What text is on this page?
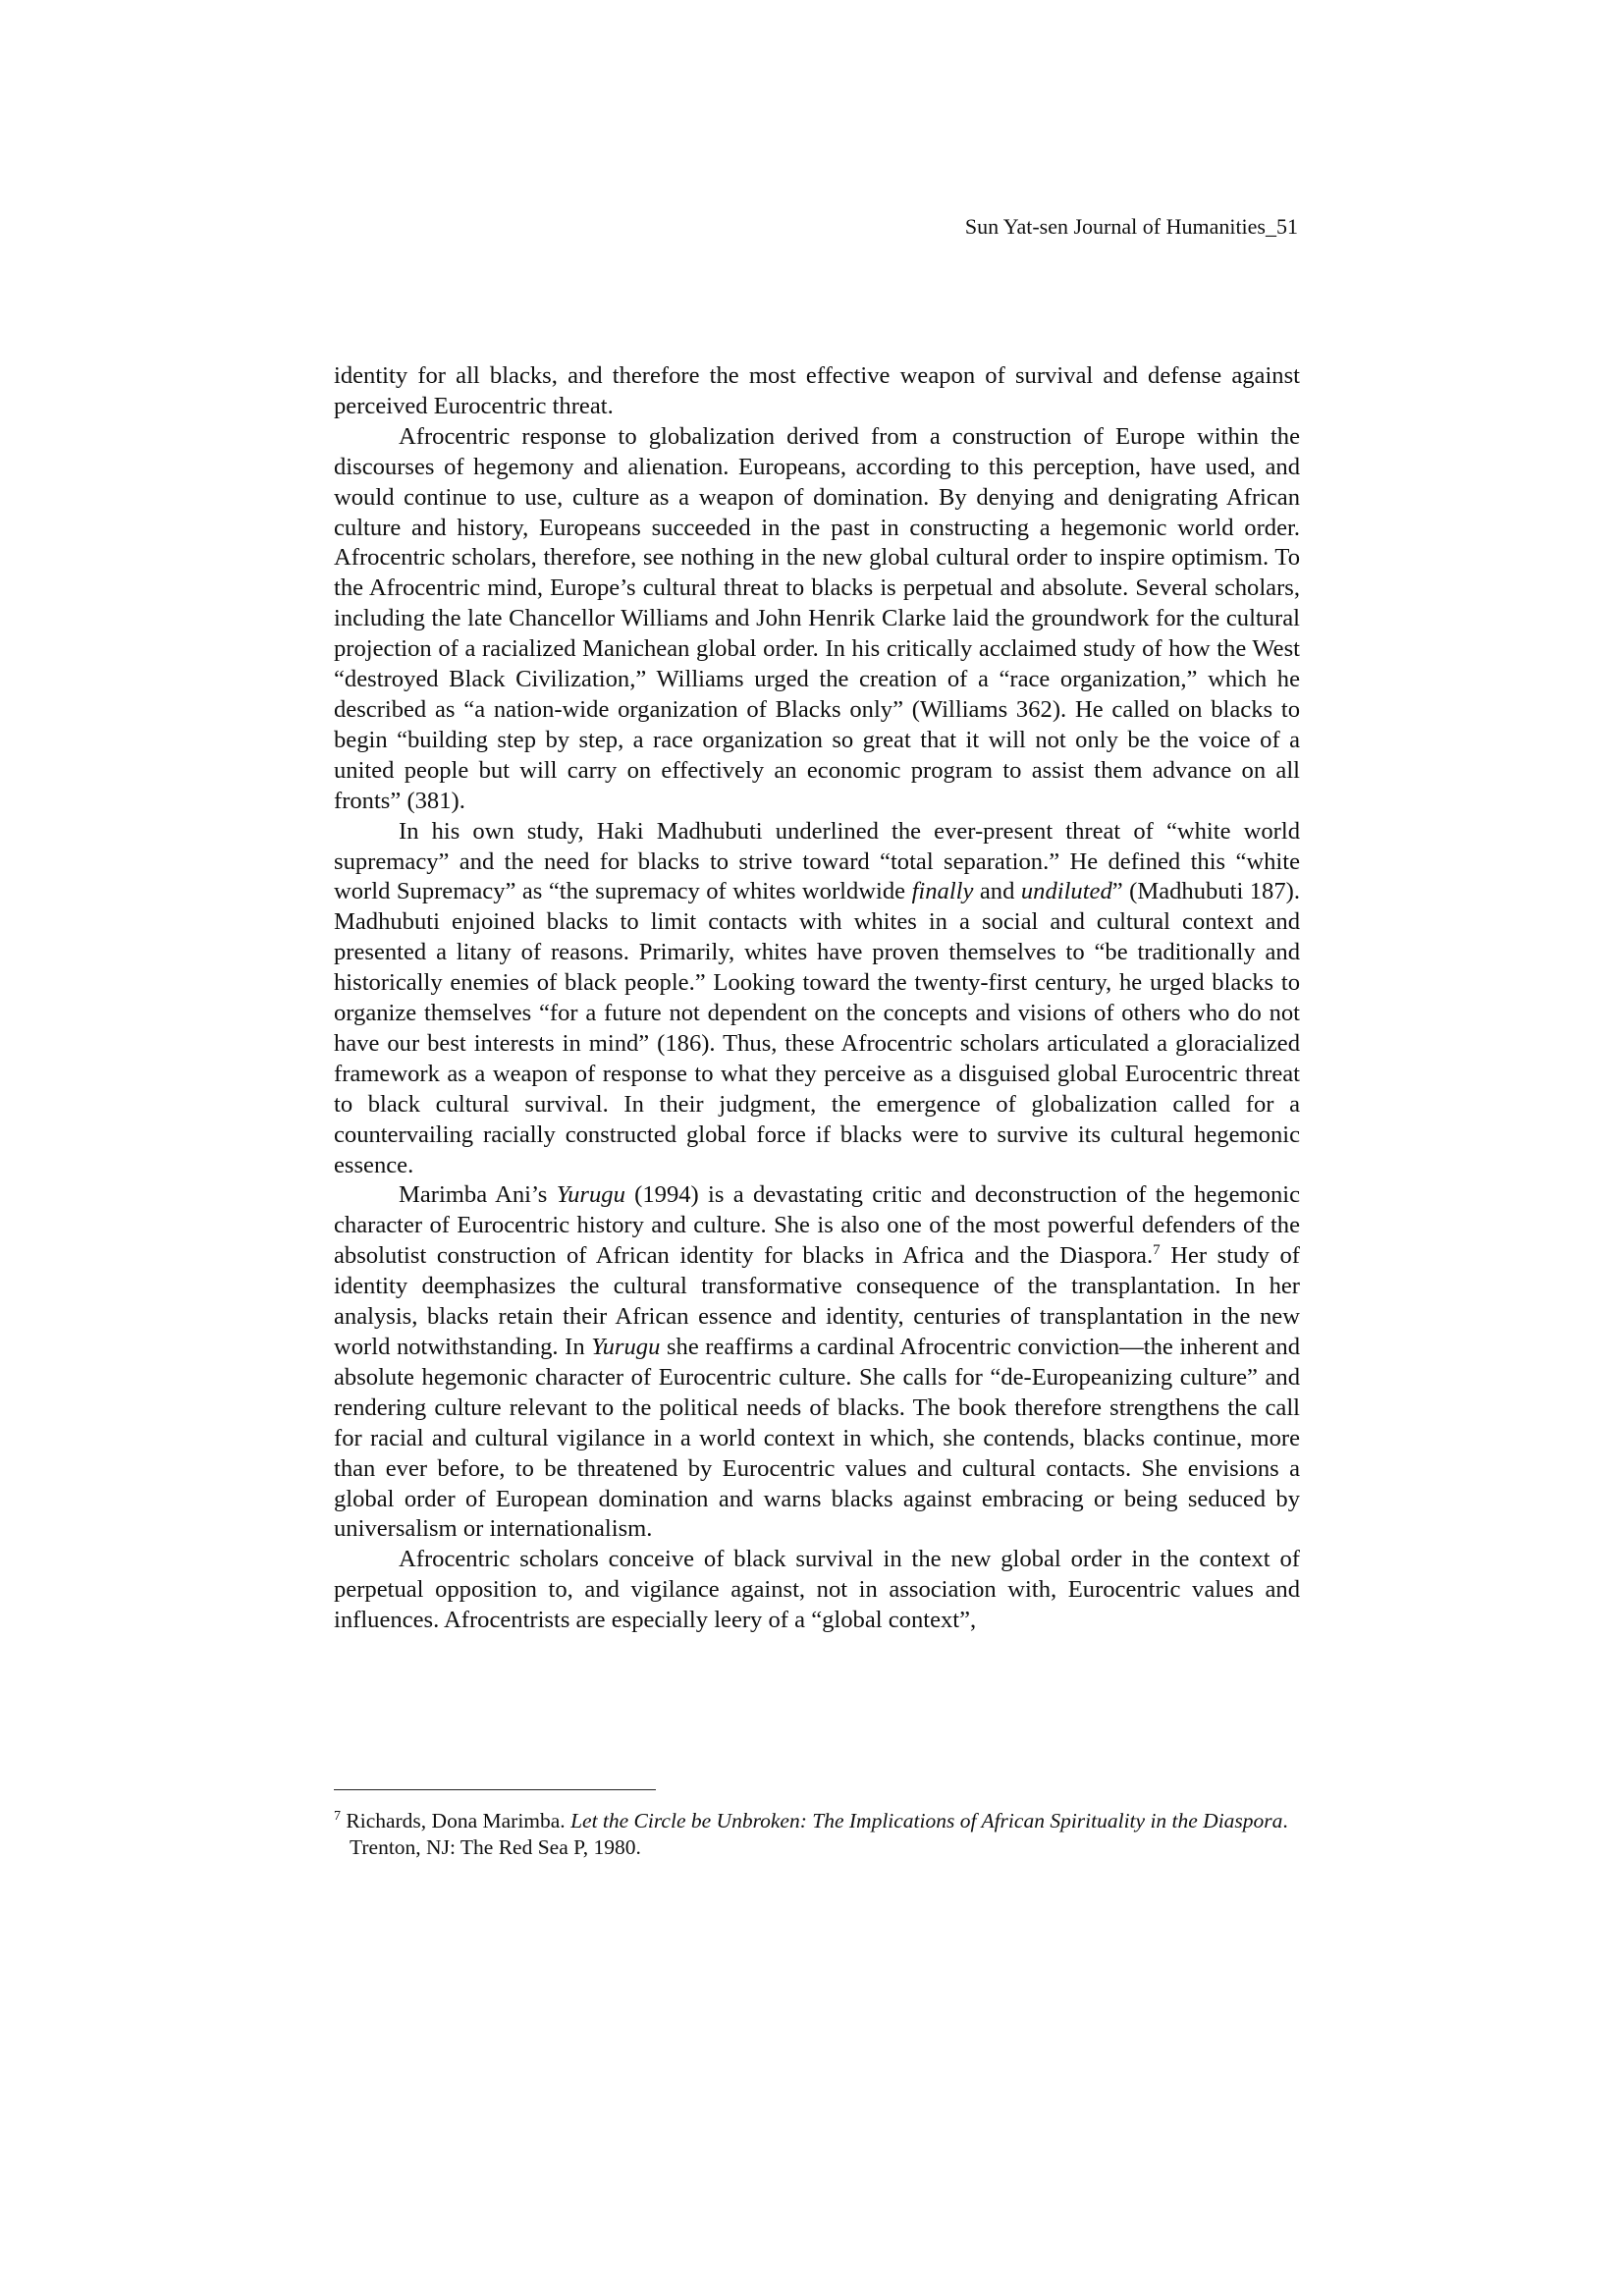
Sun Yat-sen Journal of Humanities_51

identity for all blacks, and therefore the most effective weapon of survival and defense against perceived Eurocentric threat.

Afrocentric response to globalization derived from a construction of Europe within the discourses of hegemony and alienation. Europeans, according to this perception, have used, and would continue to use, culture as a weapon of domination. By denying and denigrating African culture and history, Europeans succeeded in the past in constructing a hegemonic world order. Afrocentric scholars, therefore, see nothing in the new global cultural order to inspire optimism. To the Afrocentric mind, Europe’s cultural threat to blacks is perpetual and absolute. Several scholars, including the late Chancellor Williams and John Henrik Clarke laid the groundwork for the cultural projection of a racialized Manichean global order. In his critically acclaimed study of how the West “destroyed Black Civilization,” Williams urged the creation of a “race organization,” which he described as “a nation-wide organization of Blacks only” (Williams 362). He called on blacks to begin “building step by step, a race organization so great that it will not only be the voice of a united people but will carry on effectively an economic program to assist them advance on all fronts” (381).

In his own study, Haki Madhubuti underlined the ever-present threat of “white world supremacy” and the need for blacks to strive toward “total separation.” He defined this “white world Supremacy” as “the supremacy of whites worldwide finally and undiluted” (Madhubuti 187). Madhubuti enjoined blacks to limit contacts with whites in a social and cultural context and presented a litany of reasons. Primarily, whites have proven themselves to “be traditionally and historically enemies of black people.” Looking toward the twenty-first century, he urged blacks to organize themselves “for a future not dependent on the concepts and visions of others who do not have our best interests in mind” (186). Thus, these Afrocentric scholars articulated a gloracialized framework as a weapon of response to what they perceive as a disguised global Eurocentric threat to black cultural survival. In their judgment, the emergence of globalization called for a countervailing racially constructed global force if blacks were to survive its cultural hegemonic essence.

Marimba Ani’s Yurugu (1994) is a devastating critic and deconstruction of the hegemonic character of Eurocentric history and culture. She is also one of the most powerful defenders of the absolutist construction of African identity for blacks in Africa and the Diaspora.$^7$ Her study of identity deemphasizes the cultural transformative consequence of the transplantation. In her analysis, blacks retain their African essence and identity, centuries of transplantation in the new world notwithstanding. In Yurugu she reaffirms a cardinal Afrocentric conviction—the inherent and absolute hegemonic character of Eurocentric culture. She calls for “de-Europeanizing culture” and rendering culture relevant to the political needs of blacks. The book therefore strengthens the call for racial and cultural vigilance in a world context in which, she contends, blacks continue, more than ever before, to be threatened by Eurocentric values and cultural contacts. She envisions a global order of European domination and warns blacks against embracing or being seduced by universalism or internationalism.

Afrocentric scholars conceive of black survival in the new global order in the context of perpetual opposition to, and vigilance against, not in association with, Eurocentric values and influences. Afrocentrists are especially leery of a “global context”,

$^7$ Richards, Dona Marimba. Let the Circle be Unbroken: The Implications of African Spirituality in the Diaspora. Trenton, NJ: The Red Sea P, 1980.
